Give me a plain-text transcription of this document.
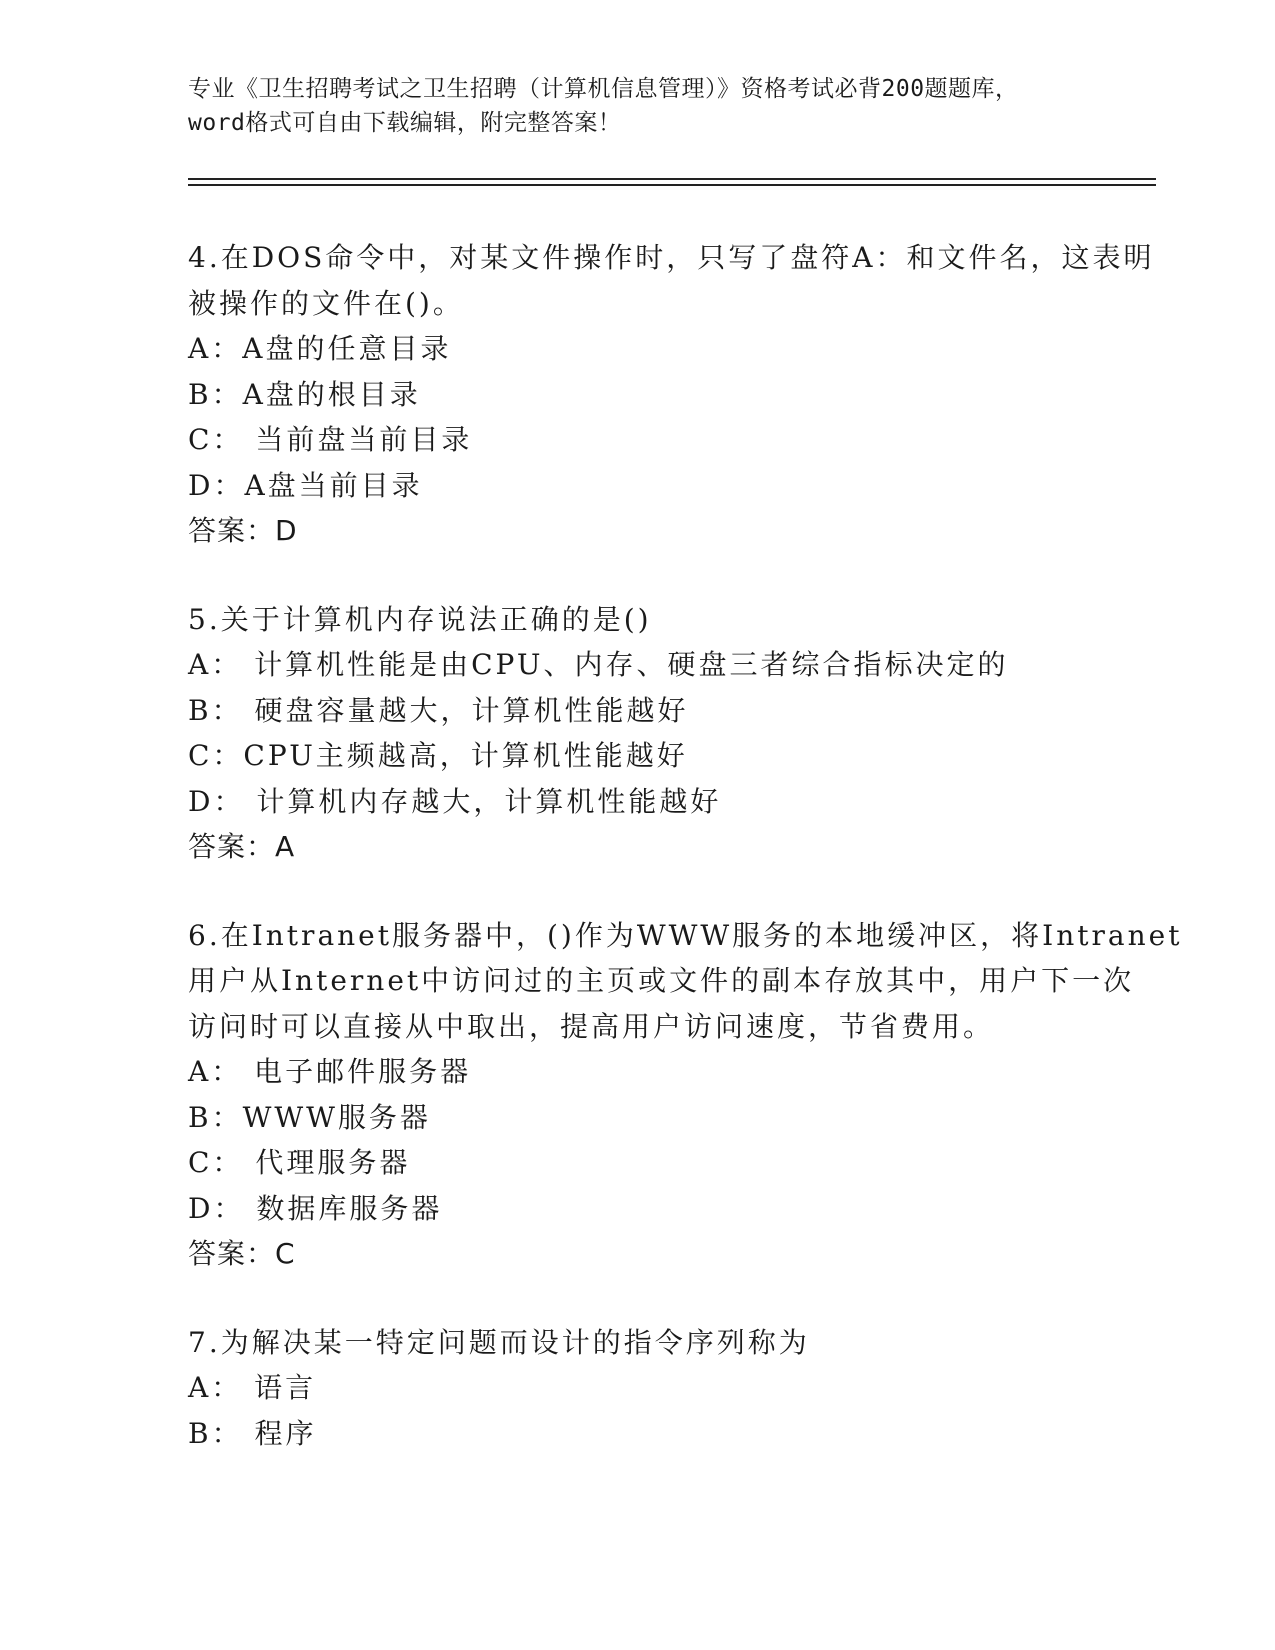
专业《卫生招聘考试之卫生招聘（计算机信息管理）》资格考试必背200题题库，
word格式可自由下载编辑，附完整答案！
4.在DOS命令中，对某文件操作时，只写了盘符A：和文件名，这表明
被操作的文件在()。
A：A盘的任意目录
B：A盘的根目录
C： 当前盘当前目录
D：A盘当前目录
答案：D
5.关于计算机内存说法正确的是()
A： 计算机性能是由CPU、内存、硬盘三者综合指标决定的
B： 硬盘容量越大，计算机性能越好
C：CPU主频越高，计算机性能越好
D： 计算机内存越大，计算机性能越好
答案：A
6.在Intranet服务器中，()作为WWW服务的本地缓冲区，将Intranet
用户从Internet中访问过的主页或文件的副本存放其中，用户下一次
访问时可以直接从中取出，提高用户访问速度，节省费用。
A： 电子邮件服务器
B：WWW服务器
C： 代理服务器
D： 数据库服务器
答案：C
7.为解决某一特定问题而设计的指令序列称为
A： 语言
B： 程序
